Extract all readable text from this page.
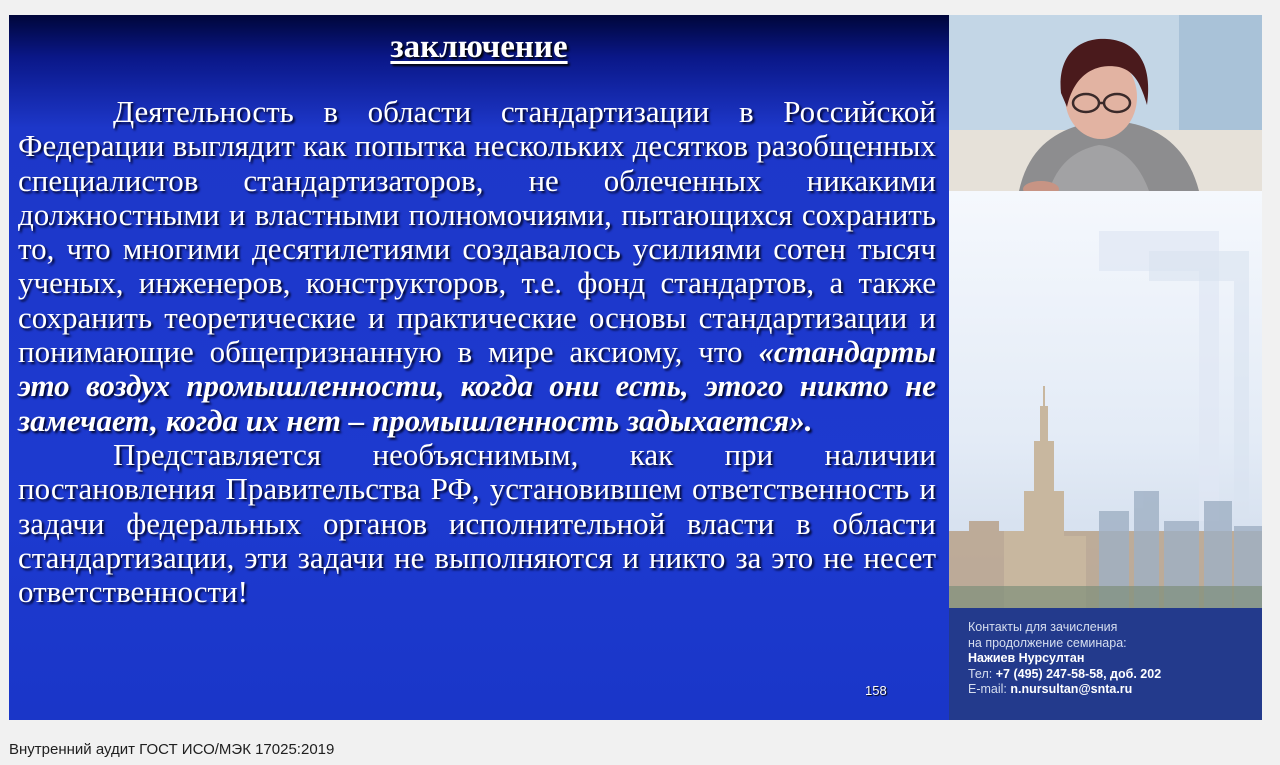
заключение

Деятельность в области стандартизации в Российской Федерации выглядит как попытка нескольких десятков разобщенных специалистов стандартизаторов, не облеченных никакими должностными и властными полномочиями, пытающихся сохранить то, что многими десятилетиями создавалось усилиями сотен тысяч ученых, инженеров, конструкторов, т.е. фонд стандартов, а также сохранить теоретические и практические основы стандартизации и понимающие общепризнанную в мире аксиому, что «стандарты это воздух промышленности, когда они есть, этого никто не замечает, когда их нет – промышленность задыхается».

Представляется необъяснимым, как при наличии постановления Правительства РФ, установившем ответственность и задачи федеральных органов исполнительной власти в области стандартизации, эти задачи не выполняются и никто за это не несет ответственности!

158
Контакты для зачисления
на продолжение семинара:
Нажиев Нурсултан
Тел: +7 (495) 247-58-58, доб. 202
E-mail: n.nursultan@snta.ru
Внутренний аудит ГОСТ ИСО/МЭК 17025:2019
